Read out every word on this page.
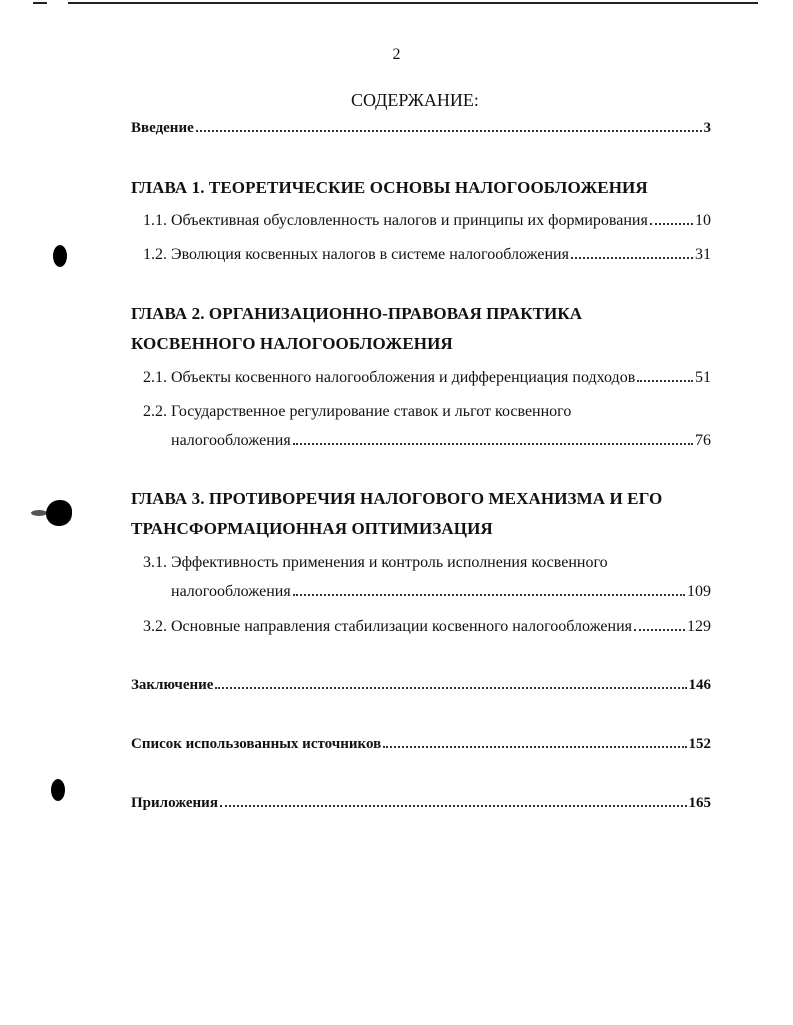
2
СОДЕРЖАНИЕ:
Введение	3
ГЛАВА 1. ТЕОРЕТИЧЕСКИЕ ОСНОВЫ НАЛОГООБЛОЖЕНИЯ
1.1. Объективная обусловленность налогов и принципы их формирования	10
1.2. Эволюция косвенных налогов в системе налогообложения	31
ГЛАВА 2. ОРГАНИЗАЦИОННО-ПРАВОВАЯ ПРАКТИКА
КОСВЕННОГО НАЛОГООБЛОЖЕНИЯ
2.1. Объекты косвенного налогообложения и дифференциация подходов	51
2.2. Государственное регулирование ставок и льгот косвенного
налогообложения	76
ГЛАВА 3. ПРОТИВОРЕЧИЯ НАЛОГОВОГО МЕХАНИЗМА И ЕГО
ТРАНСФОРМАЦИОННАЯ ОПТИМИЗАЦИЯ
3.1. Эффективность применения и контроль исполнения косвенного
налогообложения	109
3.2. Основные направления стабилизации косвенного налогообложения	129
Заключение	146
Список использованных источников	152
Приложения	165
